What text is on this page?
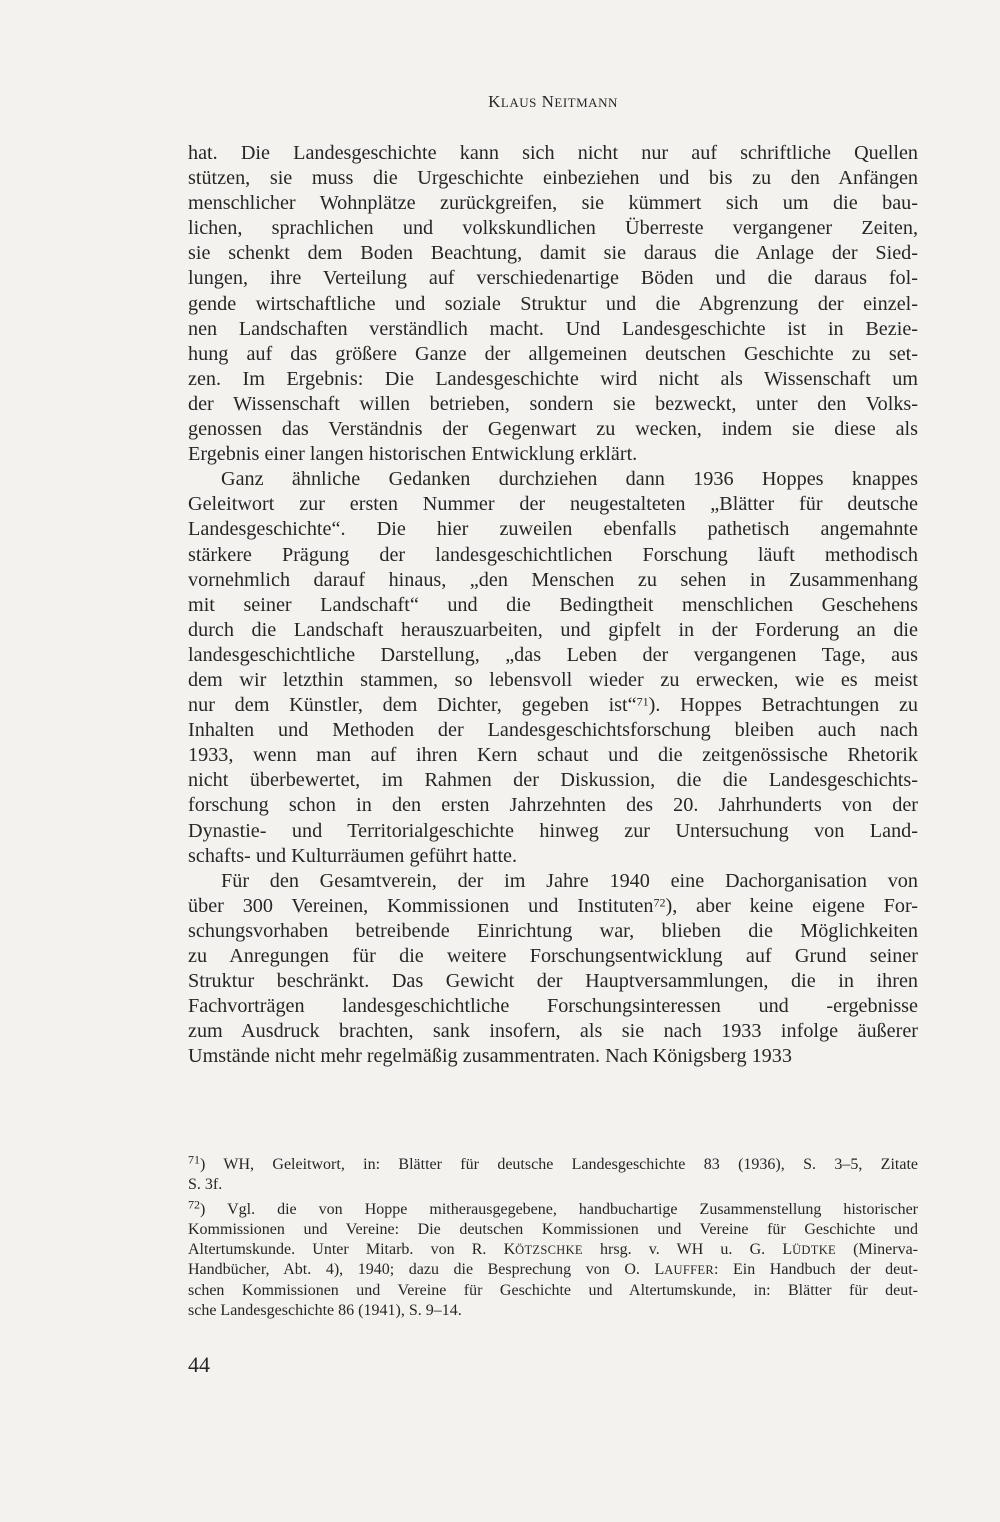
KLAUS NEITMANN
hat. Die Landesgeschichte kann sich nicht nur auf schriftliche Quellen
stützen, sie muss die Urgeschichte einbeziehen und bis zu den Anfängen
menschlicher Wohnplätze zurückgreifen, sie kümmert sich um die bau-
lichen, sprachlichen und volkskundlichen Überreste vergangener Zeiten,
sie schenkt dem Boden Beachtung, damit sie daraus die Anlage der Sied-
lungen, ihre Verteilung auf verschiedenartige Böden und die daraus fol-
gende wirtschaftliche und soziale Struktur und die Abgrenzung der einzel-
nen Landschaften verständlich macht. Und Landesgeschichte ist in Bezie-
hung auf das größere Ganze der allgemeinen deutschen Geschichte zu set-
zen. Im Ergebnis: Die Landesgeschichte wird nicht als Wissenschaft um
der Wissenschaft willen betrieben, sondern sie bezweckt, unter den Volks-
genossen das Verständnis der Gegenwart zu wecken, indem sie diese als
Ergebnis einer langen historischen Entwicklung erklärt.
Ganz ähnliche Gedanken durchziehen dann 1936 Hoppes knappes
Geleitwort zur ersten Nummer der neugestalteten „Blätter für deutsche
Landesgeschichte“. Die hier zuweilen ebenfalls pathetisch angemahnte
stärkere Prägung der landesgeschichtlichen Forschung läuft methodisch
vornehmlich darauf hinaus, „den Menschen zu sehen in Zusammenhang
mit seiner Landschaft“ und die Bedingtheit menschlichen Geschehens
durch die Landschaft herauszuarbeiten, und gipfelt in der Forderung an die
landesgeschichtliche Darstellung, „das Leben der vergangenen Tage, aus
dem wir letzthin stammen, so lebensvoll wieder zu erwecken, wie es meist
nur dem Künstler, dem Dichter, gegeben ist“$^{71}$). Hoppes Betrachtungen zu
Inhalten und Methoden der Landesgeschichtsforschung bleiben auch nach
1933, wenn man auf ihren Kern schaut und die zeitgenössische Rhetorik
nicht überbewertet, im Rahmen der Diskussion, die die Landesgeschichts-
forschung schon in den ersten Jahrzehnten des 20. Jahrhunderts von der
Dynastie- und Territorialgeschichte hinweg zur Untersuchung von Land-
schafts- und Kulturräumen geführt hatte.
Für den Gesamtverein, der im Jahre 1940 eine Dachorganisation von
über 300 Vereinen, Kommissionen und Instituten$^{72}$), aber keine eigene For-
schungsvorhaben betreibende Einrichtung war, blieben die Möglichkeiten
zu Anregungen für die weitere Forschungsentwicklung auf Grund seiner
Struktur beschränkt. Das Gewicht der Hauptversammlungen, die in ihren
Fachvorträgen landesgeschichtliche Forschungsinteressen und -ergebnisse
zum Ausdruck brachten, sank insofern, als sie nach 1933 infolge äußerer
Umstände nicht mehr regelmäßig zusammentraten. Nach Königsberg 1933
$^{71}$) WH, Geleitwort, in: Blätter für deutsche Landesgeschichte 83 (1936), S. 3–5, Zitate
S. 3f.
$^{72}$) Vgl. die von Hoppe mitherausgegebene, handbuchartige Zusammenstellung historischer
Kommissionen und Vereine: Die deutschen Kommissionen und Vereine für Geschichte und
Altertumskunde. Unter Mitarb. von R. KÖTZSCHKE hrsg. v. WH u. G. LÜDTKE (Minerva-
Handbücher, Abt. 4), 1940; dazu die Besprechung von O. LAUFFER: Ein Handbuch der deut-
schen Kommissionen und Vereine für Geschichte und Altertumskunde, in: Blätter für deut-
sche Landesgeschichte 86 (1941), S. 9–14.
44
